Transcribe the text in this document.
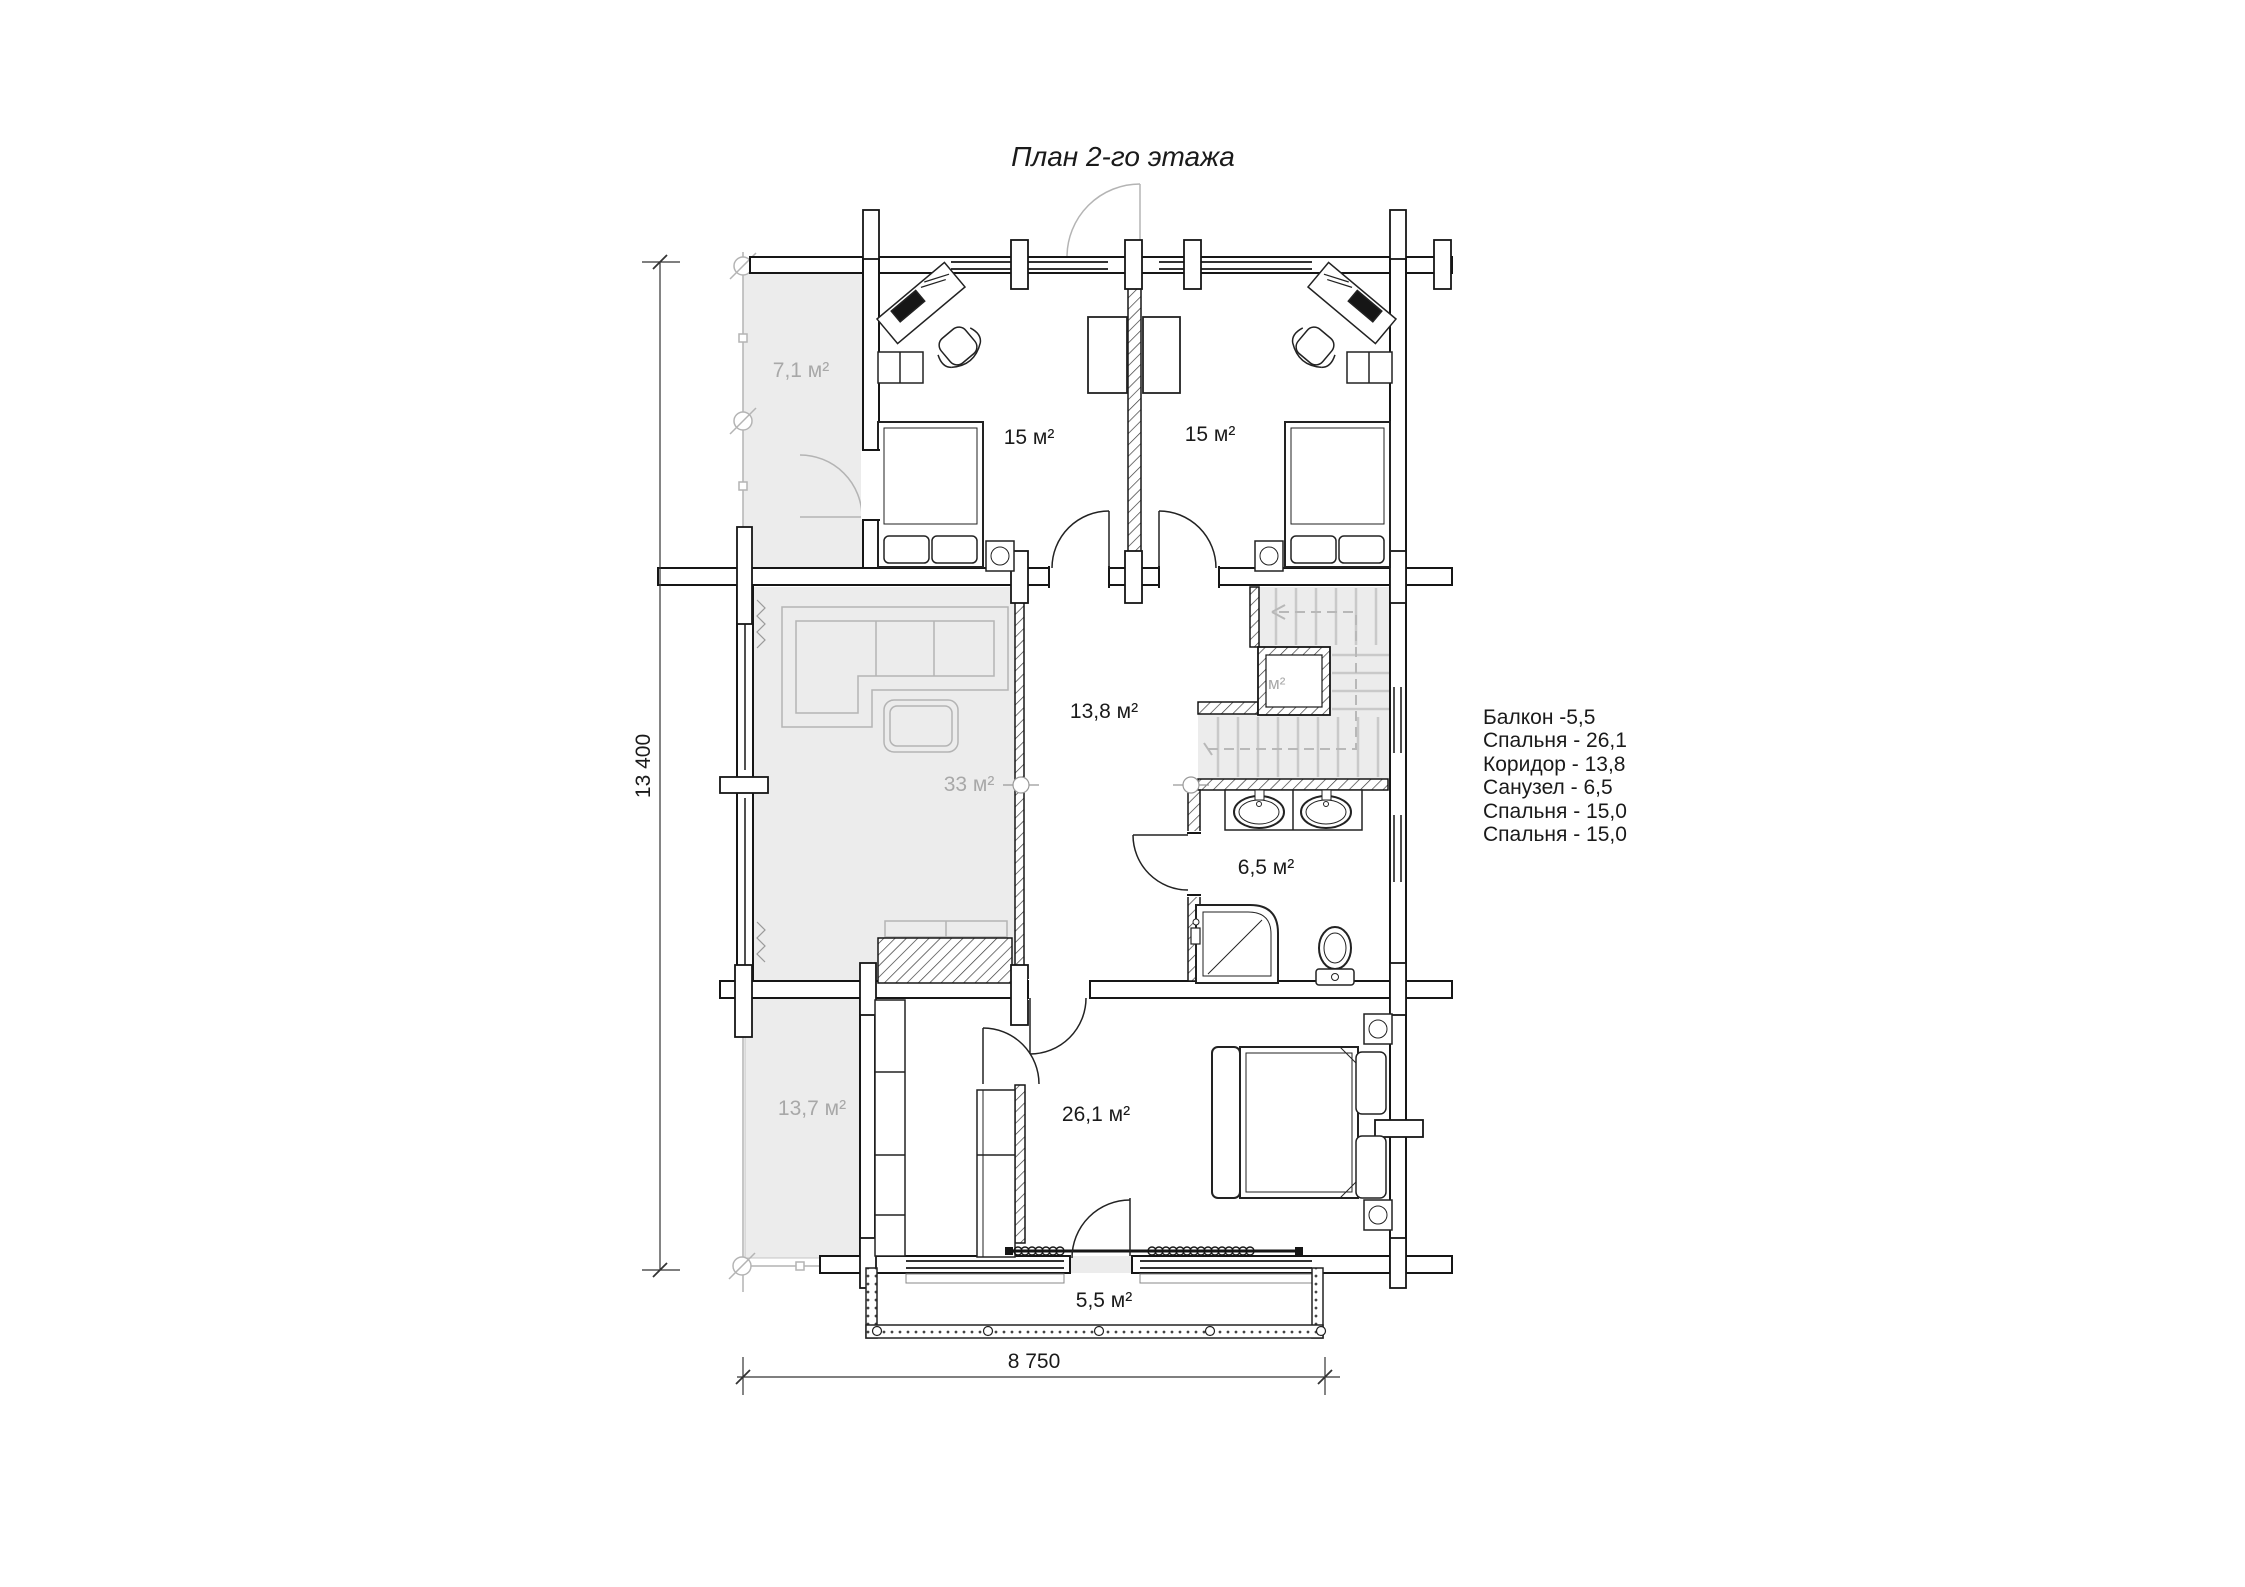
7,1 м²
15 м²	15 м²
13,8 м²
33 м²
м²
6,5 м²
13,7 м²	26,1 м²
5,5 м²
13 400
8 750
План 2-го этажа
Балкон -5,5
Спальня - 26,1
Коридор - 13,8
Санузел - 6,5
Спальня - 15,0
Спальня - 15,0
